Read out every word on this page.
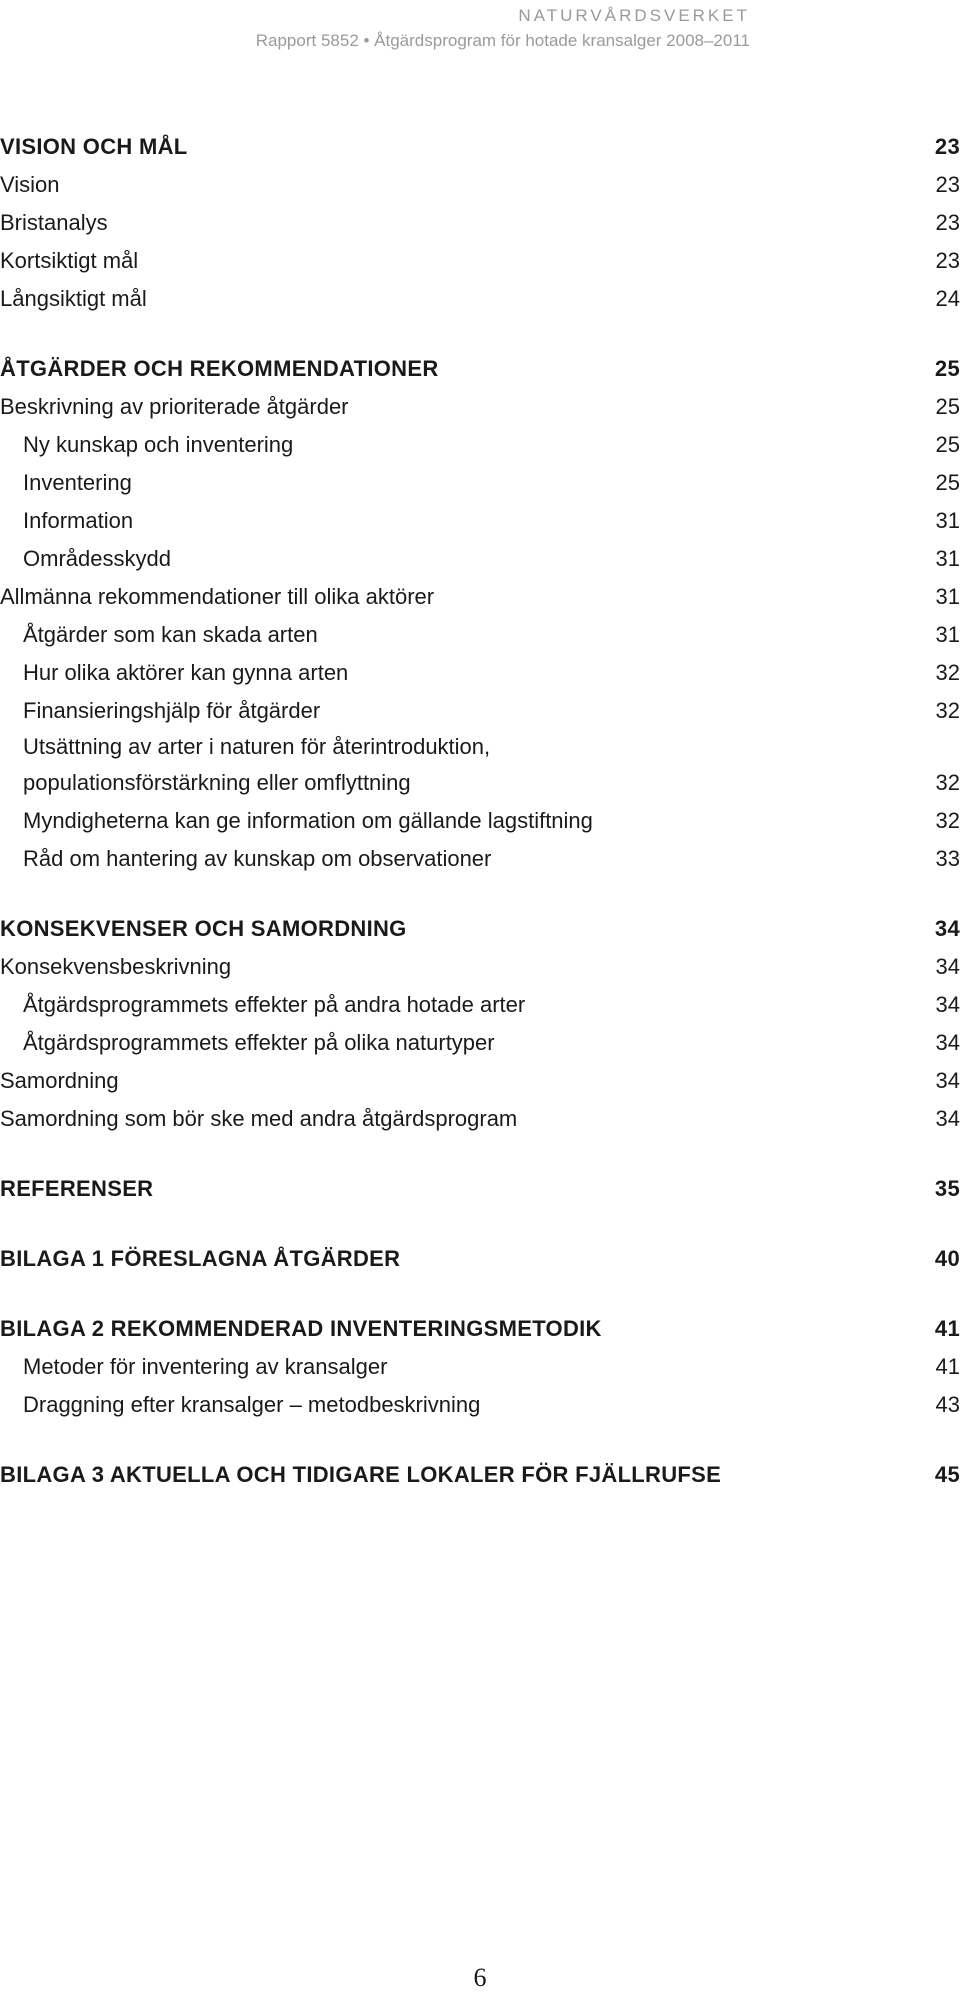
NATURVÅRDSVERKET
Rapport 5852 • Åtgärdsprogram för hotade kransalger 2008–2011
VISION OCH MÅL	23
Vision	23
Bristanalys	23
Kortsiktigt mål	23
Långsiktigt mål	24
ÅTGÄRDER OCH REKOMMENDATIONER	25
Beskrivning av prioriterade åtgärder	25
Ny kunskap och inventering	25
Inventering	25
Information	31
Områdesskydd	31
Allmänna rekommendationer till olika aktörer	31
Åtgärder som kan skada arten	31
Hur olika aktörer kan gynna arten	32
Finansieringshjälp för åtgärder	32
Utsättning av arter i naturen för återintroduktion,
populationsförstärkning eller omflyttning	32
Myndigheterna kan ge information om gällande lagstiftning	32
Råd om hantering av kunskap om observationer	33
KONSEKVENSER OCH SAMORDNING	34
Konsekvensbeskrivning	34
Åtgärdsprogrammets effekter på andra hotade arter	34
Åtgärdsprogrammets effekter på olika naturtyper	34
Samordning	34
Samordning som bör ske med andra åtgärdsprogram	34
REFERENSER	35
BILAGA 1 FÖRESLAGNA ÅTGÄRDER	40
BILAGA 2 REKOMMENDERAD INVENTERINGSMETODIK	41
Metoder för inventering av kransalger	41
Draggning efter kransalger – metodbeskrivning	43
BILAGA 3 AKTUELLA OCH TIDIGARE LOKALER FÖR FJÄLLRUFSE	45
6
